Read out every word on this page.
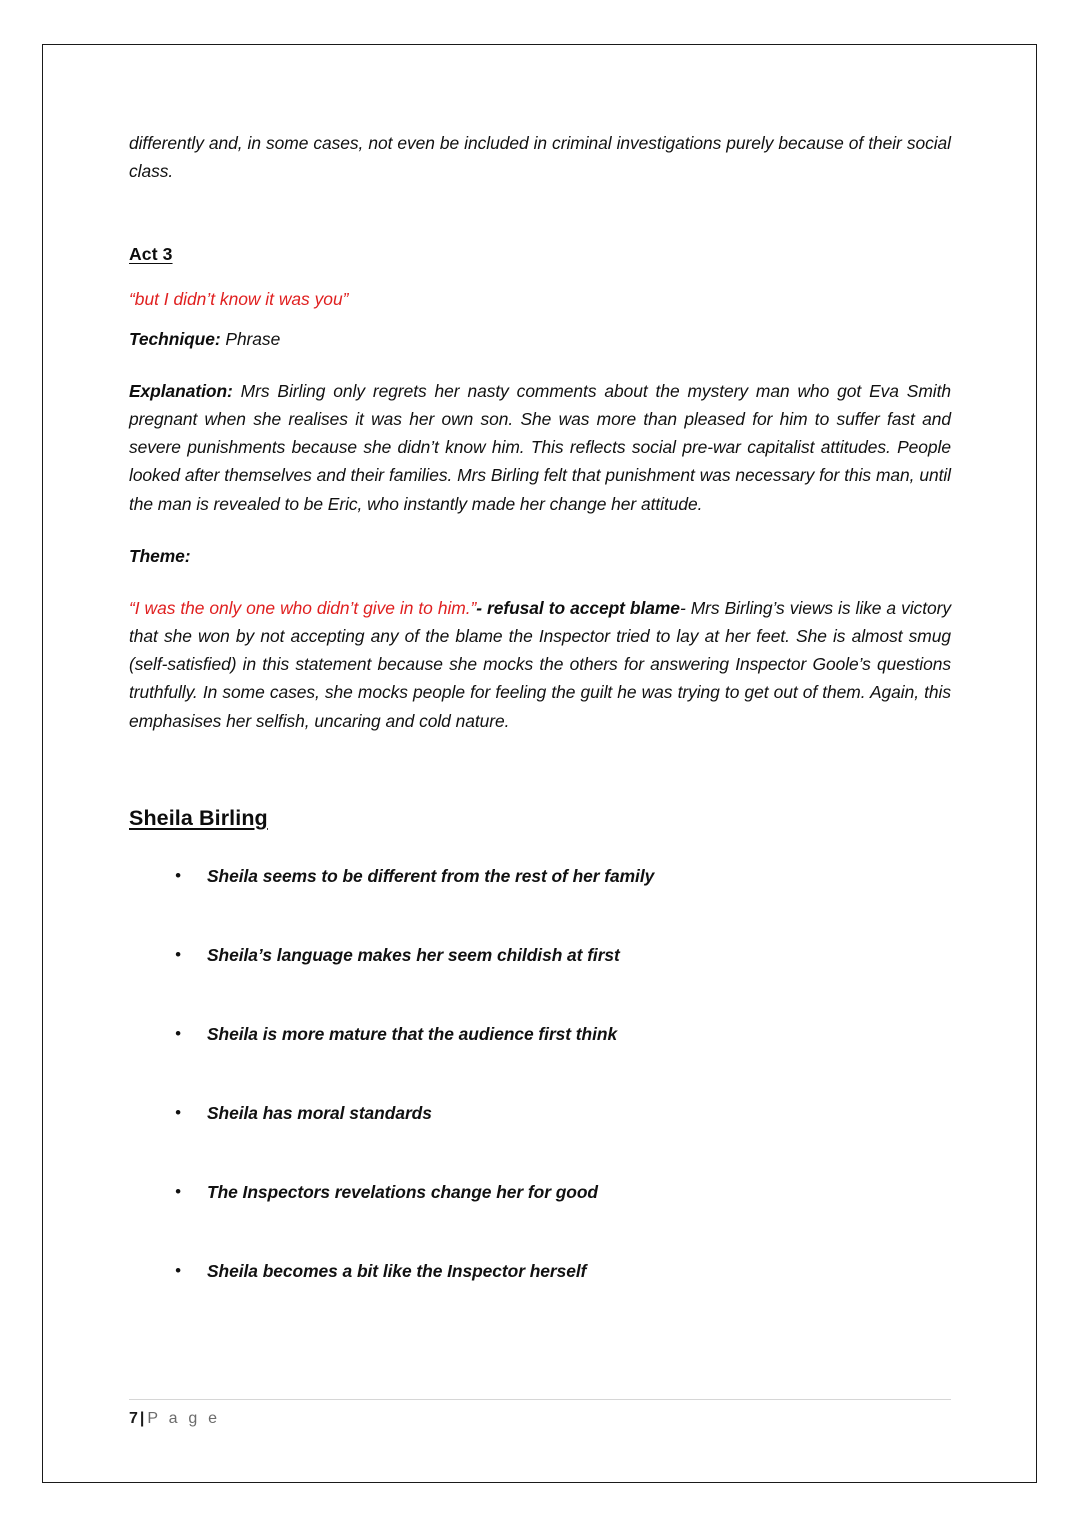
differently and, in some cases, not even be included in criminal investigations purely because of their social class.

Act 3

“but I didn’t know it was you”

Technique: Phrase

Explanation: Mrs Birling only regrets her nasty comments about the mystery man who got Eva Smith pregnant when she realises it was her own son. She was more than pleased for him to suffer fast and severe punishments because she didn’t know him. This reflects social pre-war capitalist attitudes. People looked after themselves and their families. Mrs Birling felt that punishment was necessary for this man, until the man is revealed to be Eric, who instantly made her change her attitude.

Theme:

“I was the only one who didn’t give in to him.”- refusal to accept blame- Mrs Birling’s views is like a victory that she won by not accepting any of the blame the Inspector tried to lay at her feet. She is almost smug (self-satisfied) in this statement because she mocks the others for answering Inspector Goole’s questions truthfully. In some cases, she mocks people for feeling the guilt he was trying to get out of them. Again, this emphasises her selfish, uncaring and cold nature.

Sheila Birling

• Sheila seems to be different from the rest of her family
• Sheila’s language makes her seem childish at first
• Sheila is more mature that the audience first think
• Sheila has moral standards
• The Inspectors revelations change her for good
• Sheila becomes a bit like the Inspector herself
7 | P a g e
